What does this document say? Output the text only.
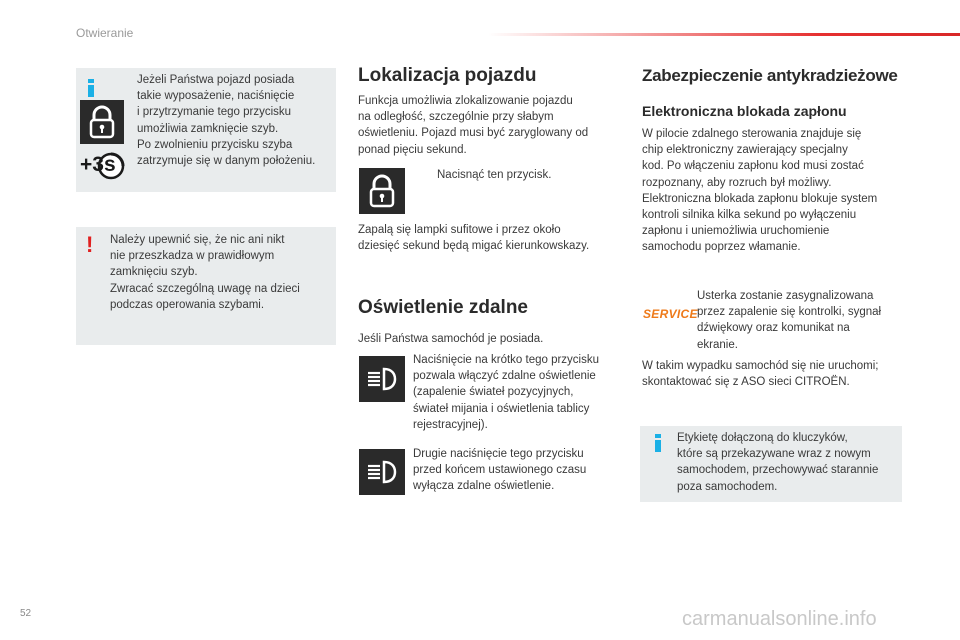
Otwieranie
+3s
Jeżeli Państwa pojazd posiada
takie wyposażenie, naciśnięcie
i przytrzymanie tego przycisku
umożliwia zamknięcie szyb.
Po zwolnieniu przycisku szyba
zatrzymuje się w danym położeniu.
! Należy upewnić się, że nic ani nikt
nie przeszkadza w prawidłowym
zamknięciu szyb.
Zwracać szczególną uwagę na dzieci
podczas operowania szybami.
Lokalizacja pojazdu
Funkcja umożliwia zlokalizowanie pojazdu
na odległość, szczególnie przy słabym
oświetleniu. Pojazd musi być zaryglowany od
ponad pięciu sekund.
Nacisnąć ten przycisk.
Zapalą się lampki sufitowe i przez około
dziesięć sekund będą migać kierunkowskazy.
Oświetlenie zdalne
Jeśli Państwa samochód je posiada.
Naciśnięcie na krótko tego przycisku
pozwala włączyć zdalne oświetlenie
(zapalenie świateł pozycyjnych,
świateł mijania i oświetlenia tablicy
rejestracyjnej).
Drugie naciśnięcie tego przycisku
przed końcem ustawionego czasu
wyłącza zdalne oświetlenie.
Zabezpieczenie antykradzieżowe
Elektroniczna blokada zapłonu
W pilocie zdalnego sterowania znajduje się
chip elektroniczny zawierający specjalny
kod. Po włączeniu zapłonu kod musi zostać
rozpoznany, aby rozruch był możliwy.
Elektroniczna blokada zapłonu blokuje system
kontroli silnika kilka sekund po wyłączeniu
zapłonu i uniemożliwia uruchomienie
samochodu poprzez włamanie.
SERVICE
Usterka zostanie zasygnalizowana
przez zapalenie się kontrolki, sygnał
dźwiękowy oraz komunikat na
ekranie.
W takim wypadku samochód się nie uruchomi;
skontaktować się z ASO sieci CITROËN.
Etykietę dołączoną do kluczyków,
które są przekazywane wraz z nowym
samochodem, przechowywać starannie
poza samochodem.
52	carmanualsonline.info
